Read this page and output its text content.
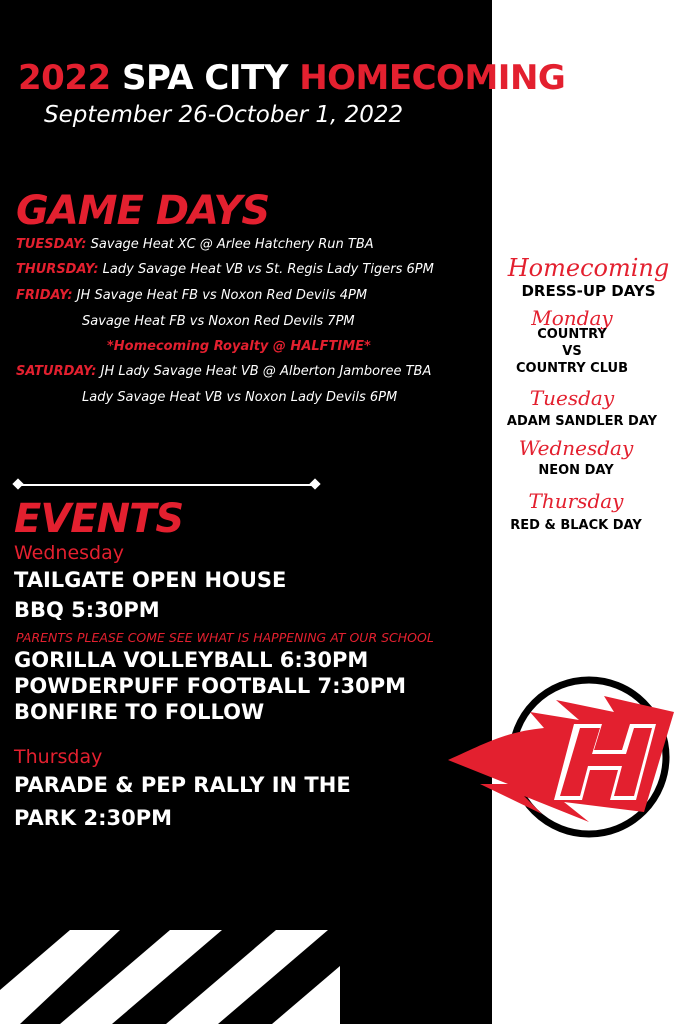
2022 SPA CITY HOMECOMING
September 26-October 1, 2022
GAME DAYS
TUESDAY: Savage Heat XC @ Arlee Hatchery Run TBA
THURSDAY: Lady Savage Heat VB vs St. Regis Lady Tigers 6PM
FRIDAY: JH Savage Heat FB vs Noxon Red Devils 4PM
Savage Heat FB vs Noxon Red Devils 7PM
*Homecoming Royalty @ HALFTIME*
SATURDAY: JH Lady Savage Heat VB @ Alberton Jamboree TBA
Lady Savage Heat VB vs Noxon Lady Devils 6PM
EVENTS
Wednesday
TAILGATE OPEN HOUSE
BBQ 5:30PM
PARENTS PLEASE COME SEE WHAT IS HAPPENING AT OUR SCHOOL
GORILLA VOLLEYBALL 6:30PM
POWDERPUFF FOOTBALL 7:30PM
BONFIRE TO FOLLOW
Thursday
PARADE & PEP RALLY IN THE
PARK 2:30PM
Homecoming
DRESS-UP DAYS
Monday
COUNTRY
VS
COUNTRY CLUB
Tuesday
ADAM SANDLER DAY
Wednesday
NEON DAY
Thursday
RED & BLACK DAY
